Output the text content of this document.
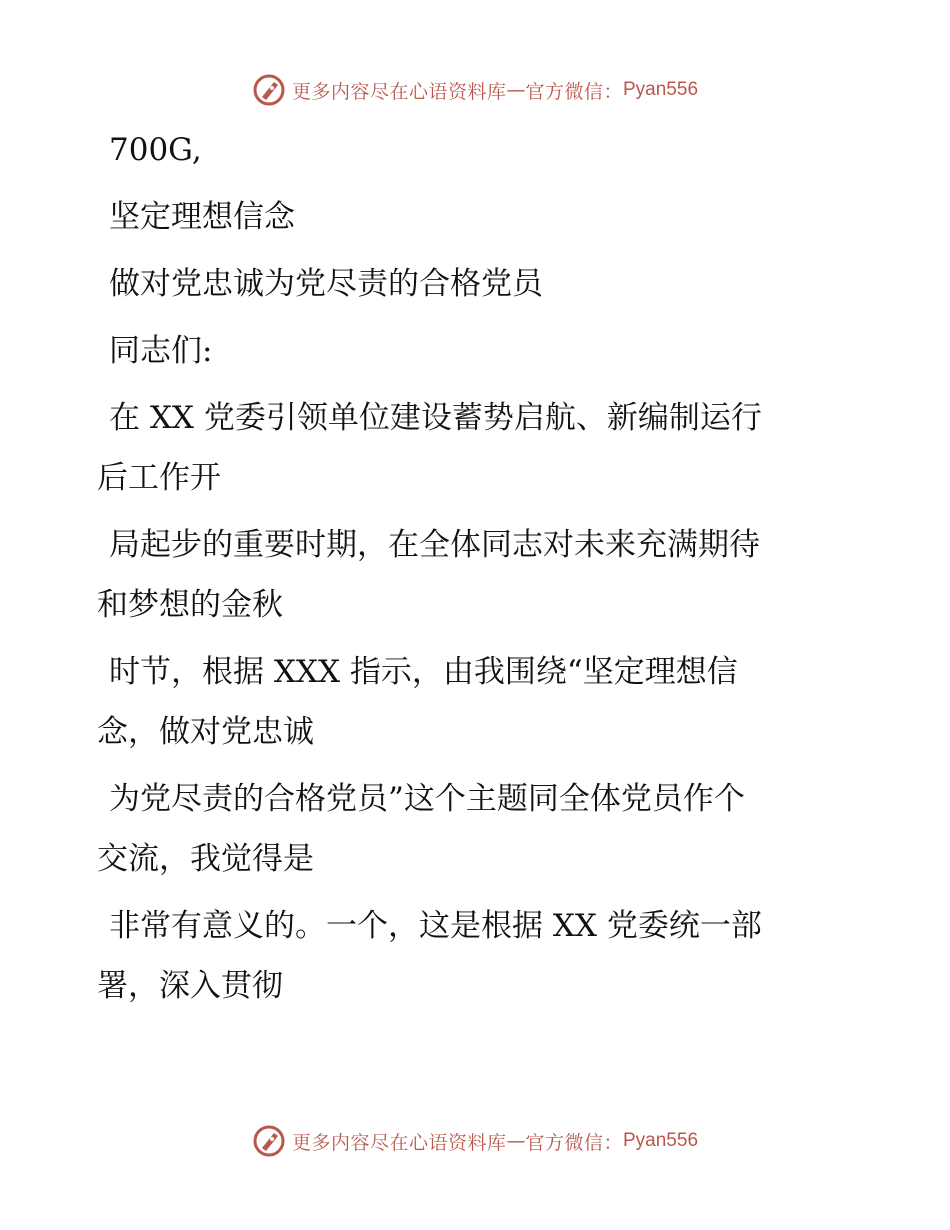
更多内容尽在心语资料库 — 官方微信： Pyan556

700G,

坚定理想信念

做对党忠诚为党尽责的合格党员

同志们:

在 XX 党委引领单位建设蓄势启航、新编制运行
后工作开

局起步的重要时期，在全体同志对未来充满期待
和梦想的金秋

时节，根据 XXX 指示，由我围绕“坚定理想信
念，做对党忠诚

为党尽责的合格党员”这个主题同全体党员作个
交流，我觉得是

非常有意义的。一个，这是根据 XX 党委统一部
署，深入贯彻

更多内容尽在心语资料库 — 官方微信： Pyan556
